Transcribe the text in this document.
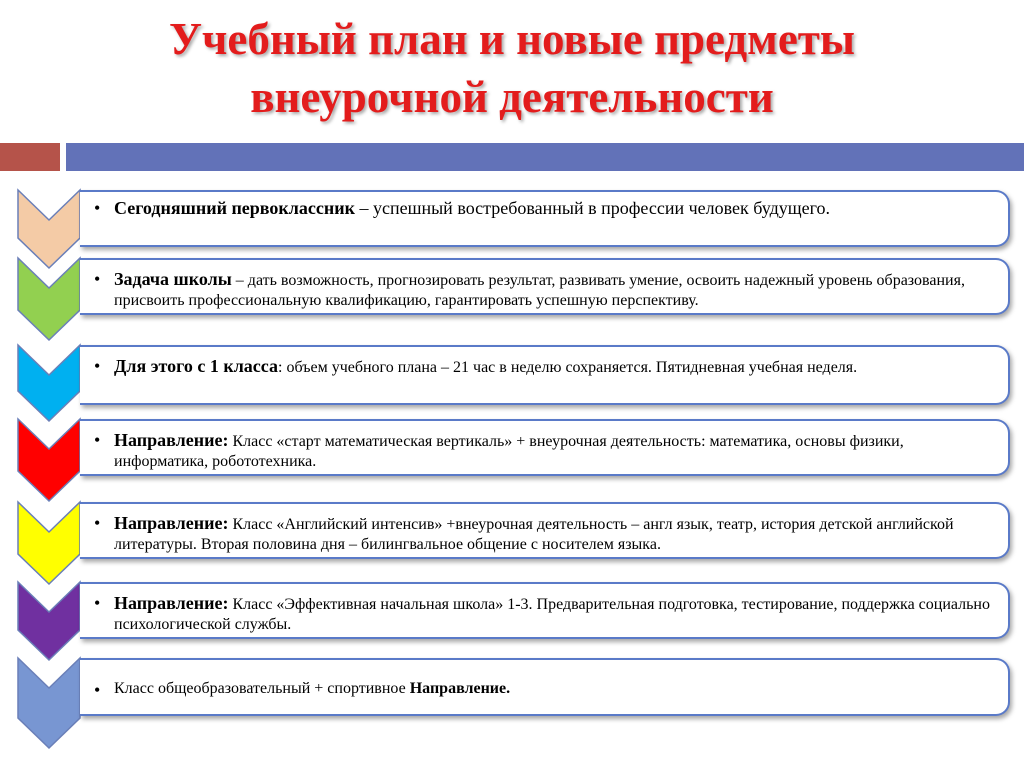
Учебный план и новые предметы
внеурочной деятельности
• Сегодняшний первоклассник – успешный востребованный в профессии человек будущего.
• Задача школы – дать возможность, прогнозировать результат, развивать умение, освоить надежный уровень образования, присвоить профессиональную квалификацию, гарантировать успешную перспективу.
• Для этого с 1 класса: объем учебного плана – 21 час в неделю сохраняется. Пятидневная учебная неделя.
• Направление: Класс «старт математическая вертикаль» + внеурочная деятельность: математика, основы физики, информатика, робототехника.
• Направление: Класс «Английский интенсив» +внеурочная деятельность – англ язык, театр, история детской английской литературы. Вторая половина дня – билингвальное общение с носителем языка.
• Направление: Класс «Эффективная начальная школа» 1-3. Предварительная подготовка, тестирование, поддержка социально психологической службы.
• Класс общеобразовательный + спортивное Направление.
